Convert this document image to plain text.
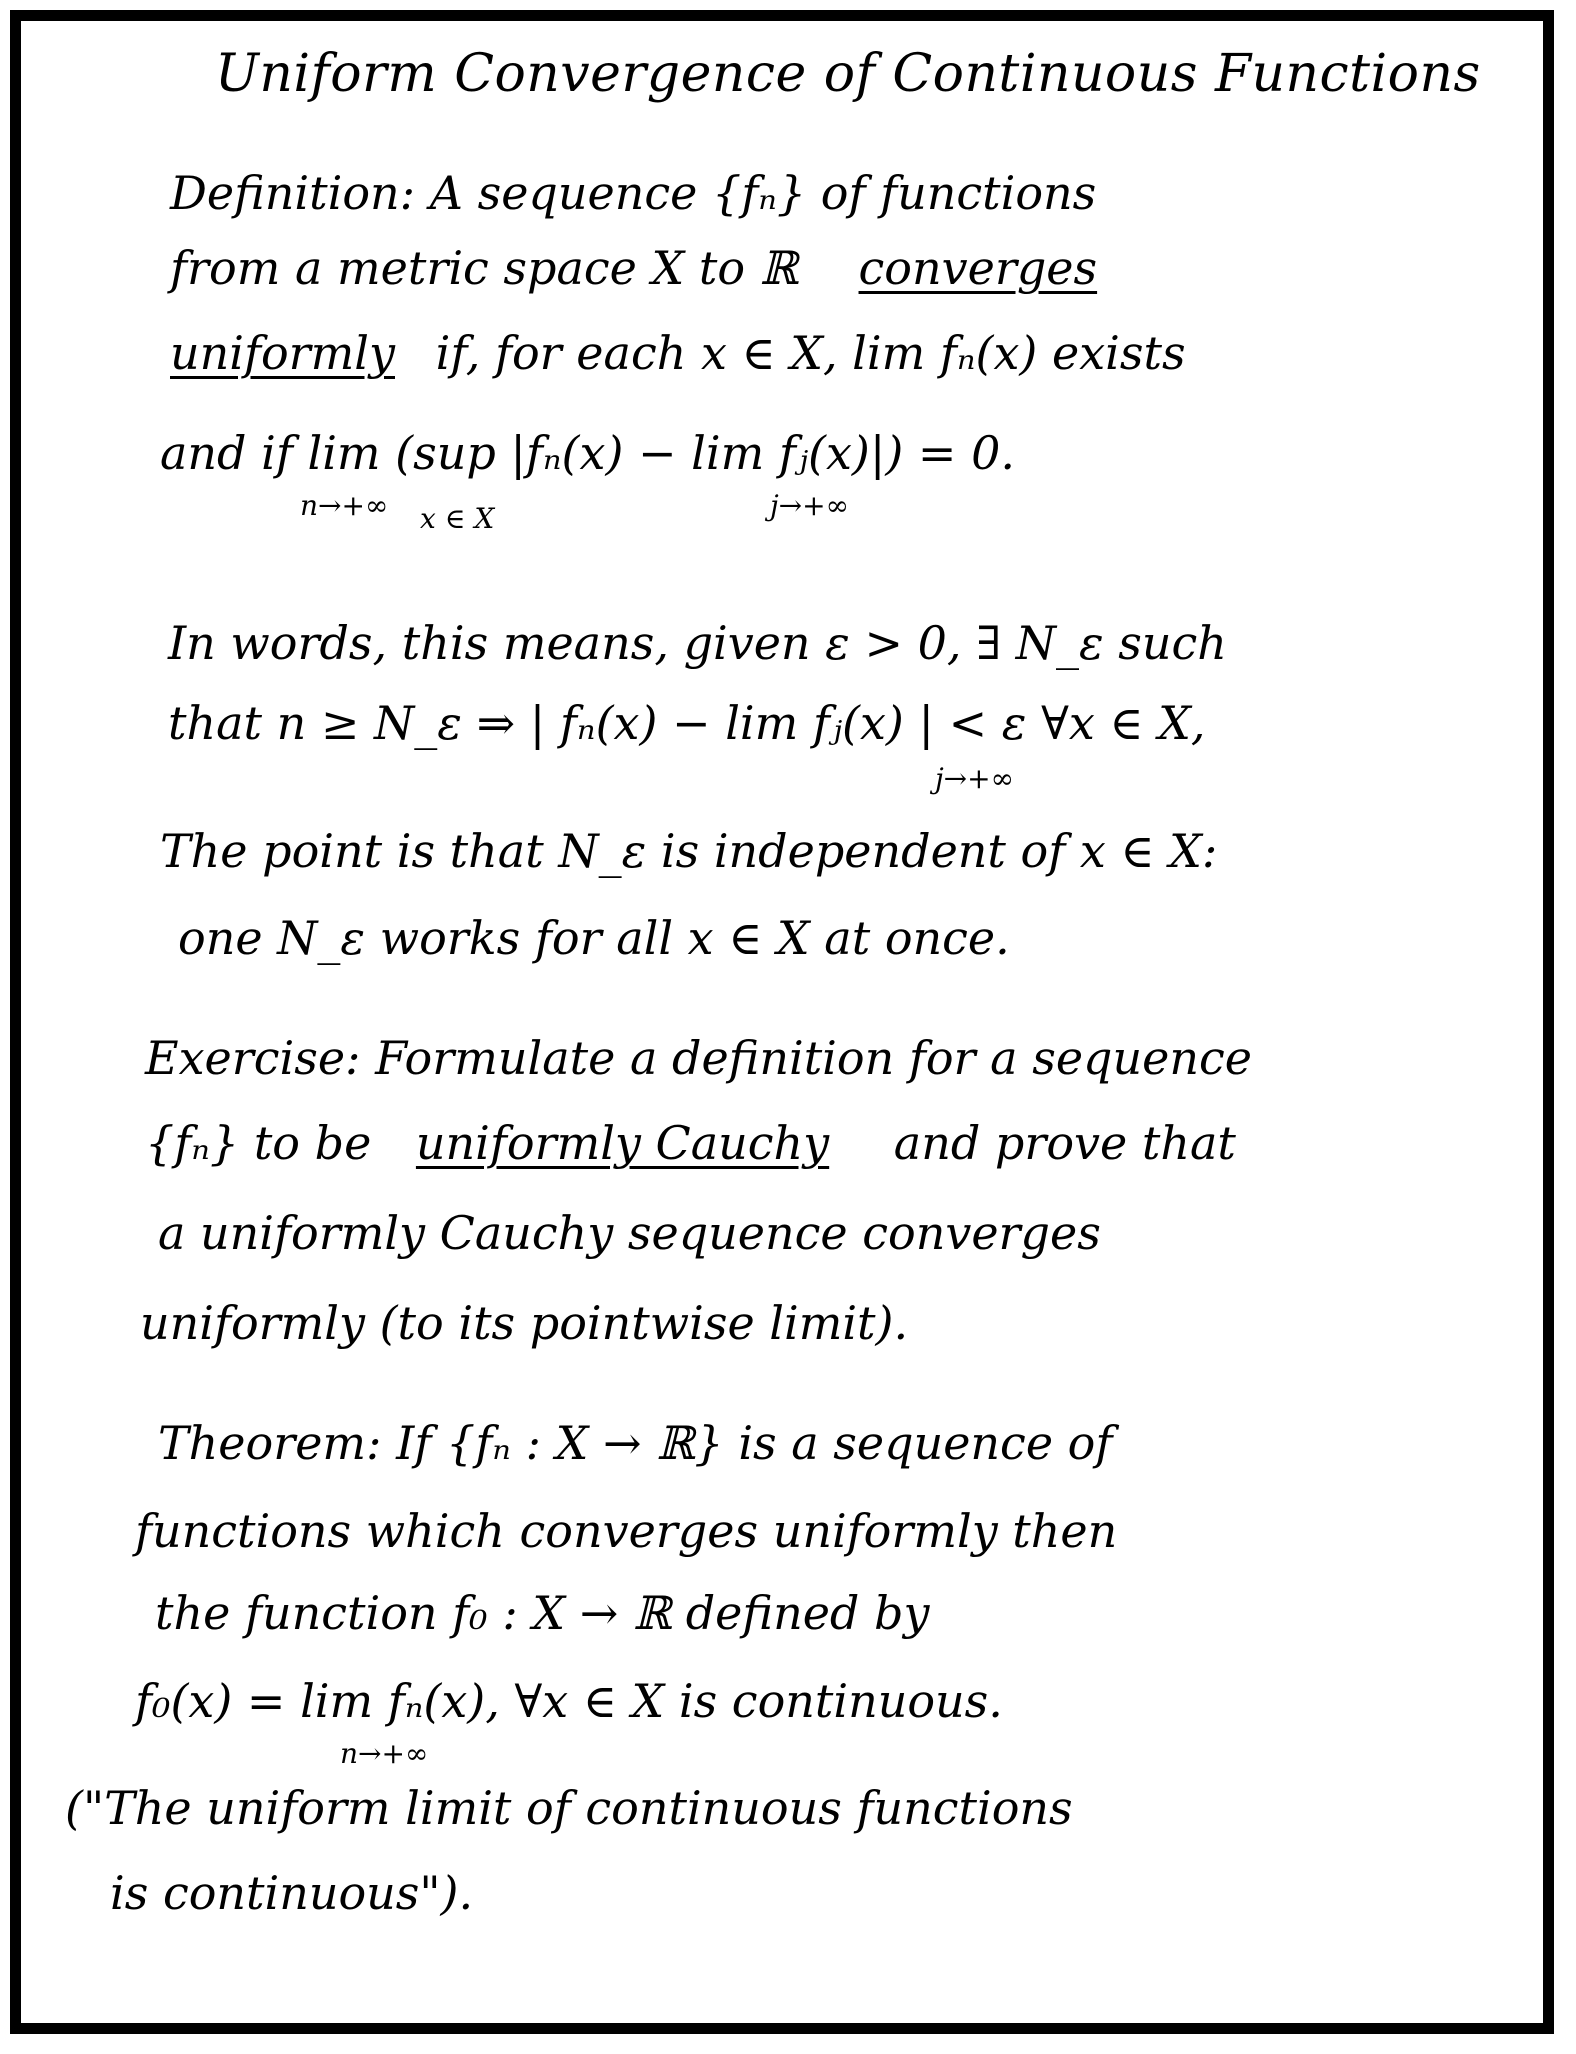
Uniform Convergence of Continuous Functions
Definition: A sequence {fₙ} of functions
from a metric space X to ℝ converges
uniformly if, for each x ∈ X, lim fₙ(x) exists
and if lim (sup |fₙ(x) − lim fⱼ(x)|) = 0.
n→+∞ x ∈ X	j→+∞
In words, this means, given ε > 0, ∃ N_ε such
that n ≥ N_ε ⇒ | fₙ(x) − lim fⱼ(x) | < ε ∀x ∈ X,
j→+∞
The point is that N_ε is independent of x ∈ X:
one N_ε works for all x ∈ X at once.
Exercise: Formulate a definition for a sequence
{fₙ} to be uniformly Cauchy and prove that
a uniformly Cauchy sequence converges
uniformly (to its pointwise limit).
Theorem: If {fₙ : X → ℝ} is a sequence of
functions which converges uniformly then
the function f₀ : X → ℝ defined by
f₀(x) = lim fₙ(x), ∀x ∈ X is continuous.
n→+∞
("The uniform limit of continuous functions
is continuous").
